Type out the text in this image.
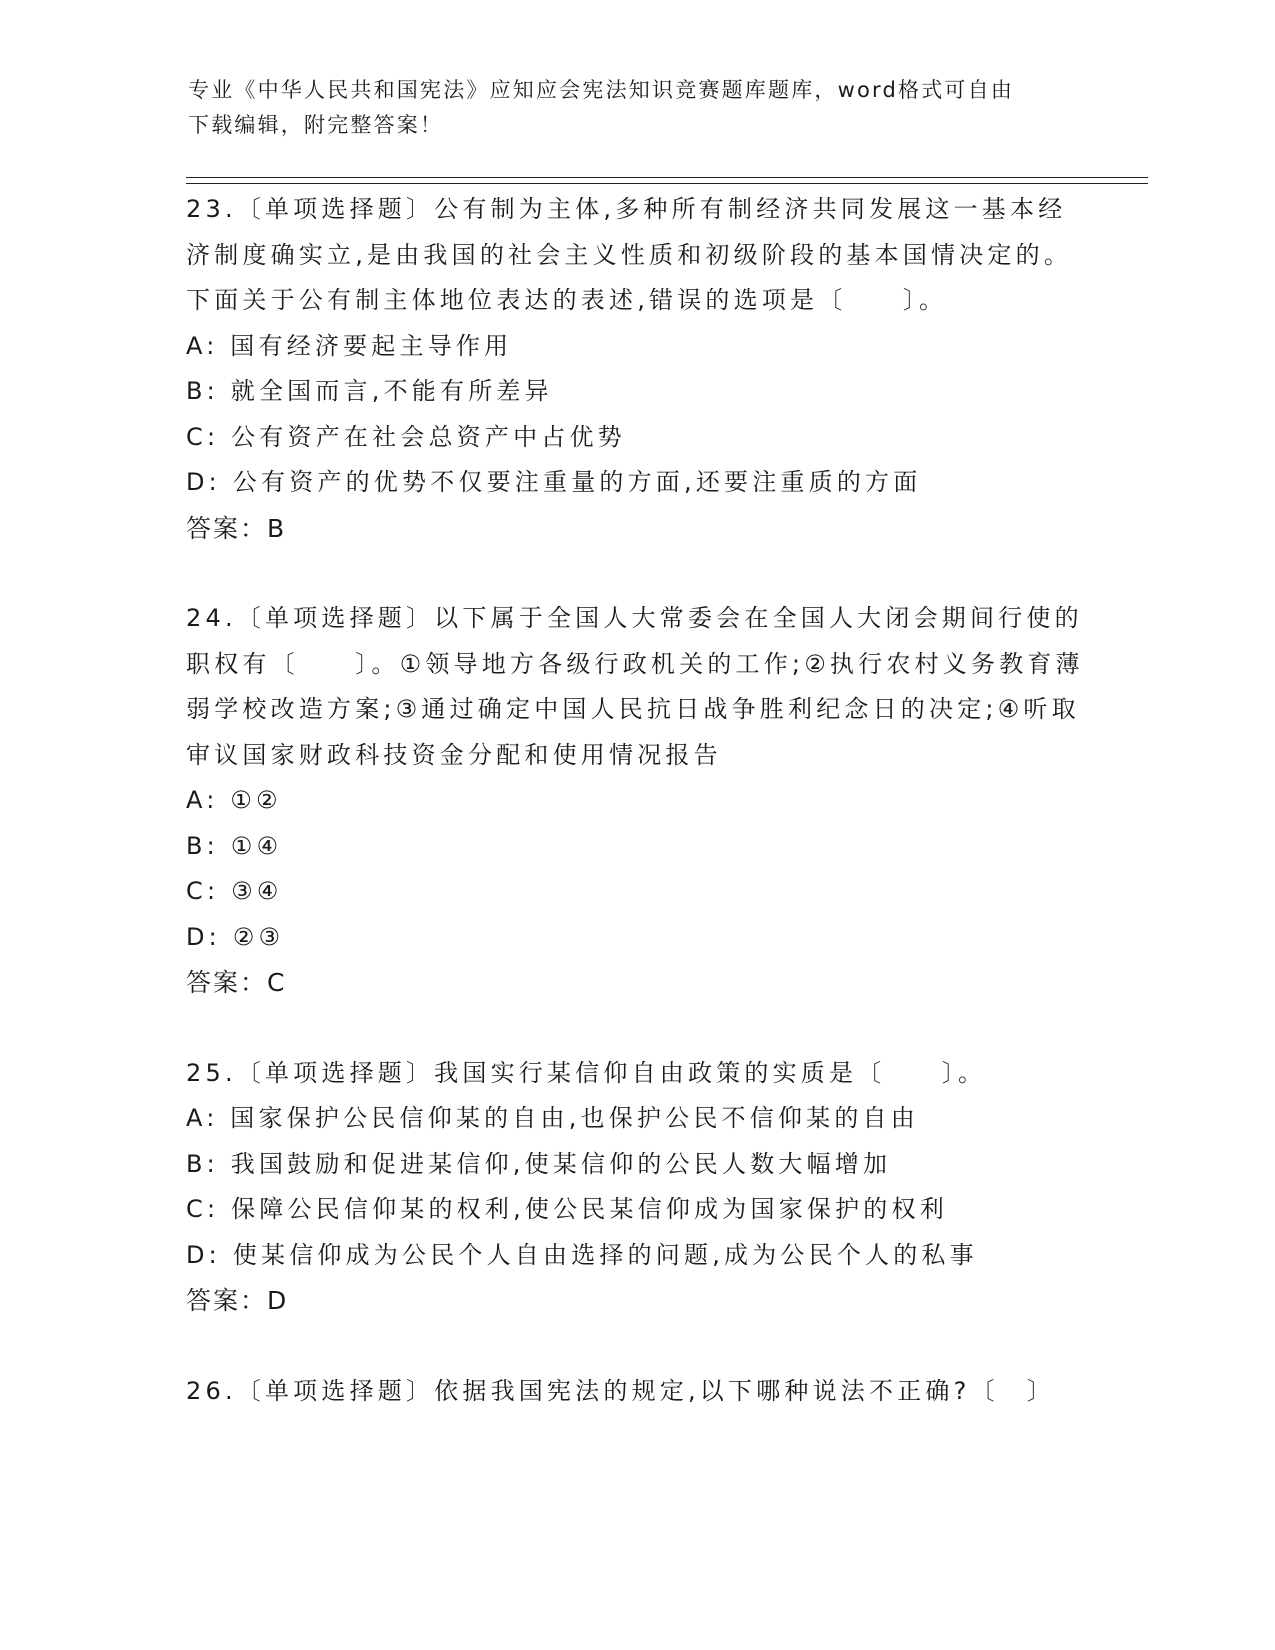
专业《中华人民共和国宪法》应知应会宪法知识竞赛题库题库，word格式可自由
下载编辑，附完整答案！
23.〔单项选择题〕公有制为主体,多种所有制经济共同发展这一基本经济制度确实立,是由我国的社会主义性质和初级阶段的基本国情决定的。下面关于公有制主体地位表达的表述,错误的选项是〔　　〕。
A: 国有经济要起主导作用
B: 就全国而言,不能有所差异
C: 公有资产在社会总资产中占优势
D: 公有资产的优势不仅要注重量的方面,还要注重质的方面
答案：B
24.〔单项选择题〕以下属于全国人大常委会在全国人大闭会期间行使的职权有〔　　〕。①领导地方各级行政机关的工作;②执行农村义务教育薄弱学校改造方案;③通过确定中国人民抗日战争胜利纪念日的决定;④听取审议国家财政科技资金分配和使用情况报告
A: ①②
B: ①④
C: ③④
D: ②③
答案：C
25.〔单项选择题〕我国实行某信仰自由政策的实质是〔　　〕。
A: 国家保护公民信仰某的自由,也保护公民不信仰某的自由
B: 我国鼓励和促进某信仰,使某信仰的公民人数大幅增加
C: 保障公民信仰某的权利,使公民某信仰成为国家保护的权利
D: 使某信仰成为公民个人自由选择的问题,成为公民个人的私事
答案：D
26.〔单项选择题〕依据我国宪法的规定,以下哪种说法不正确?〔　〕
